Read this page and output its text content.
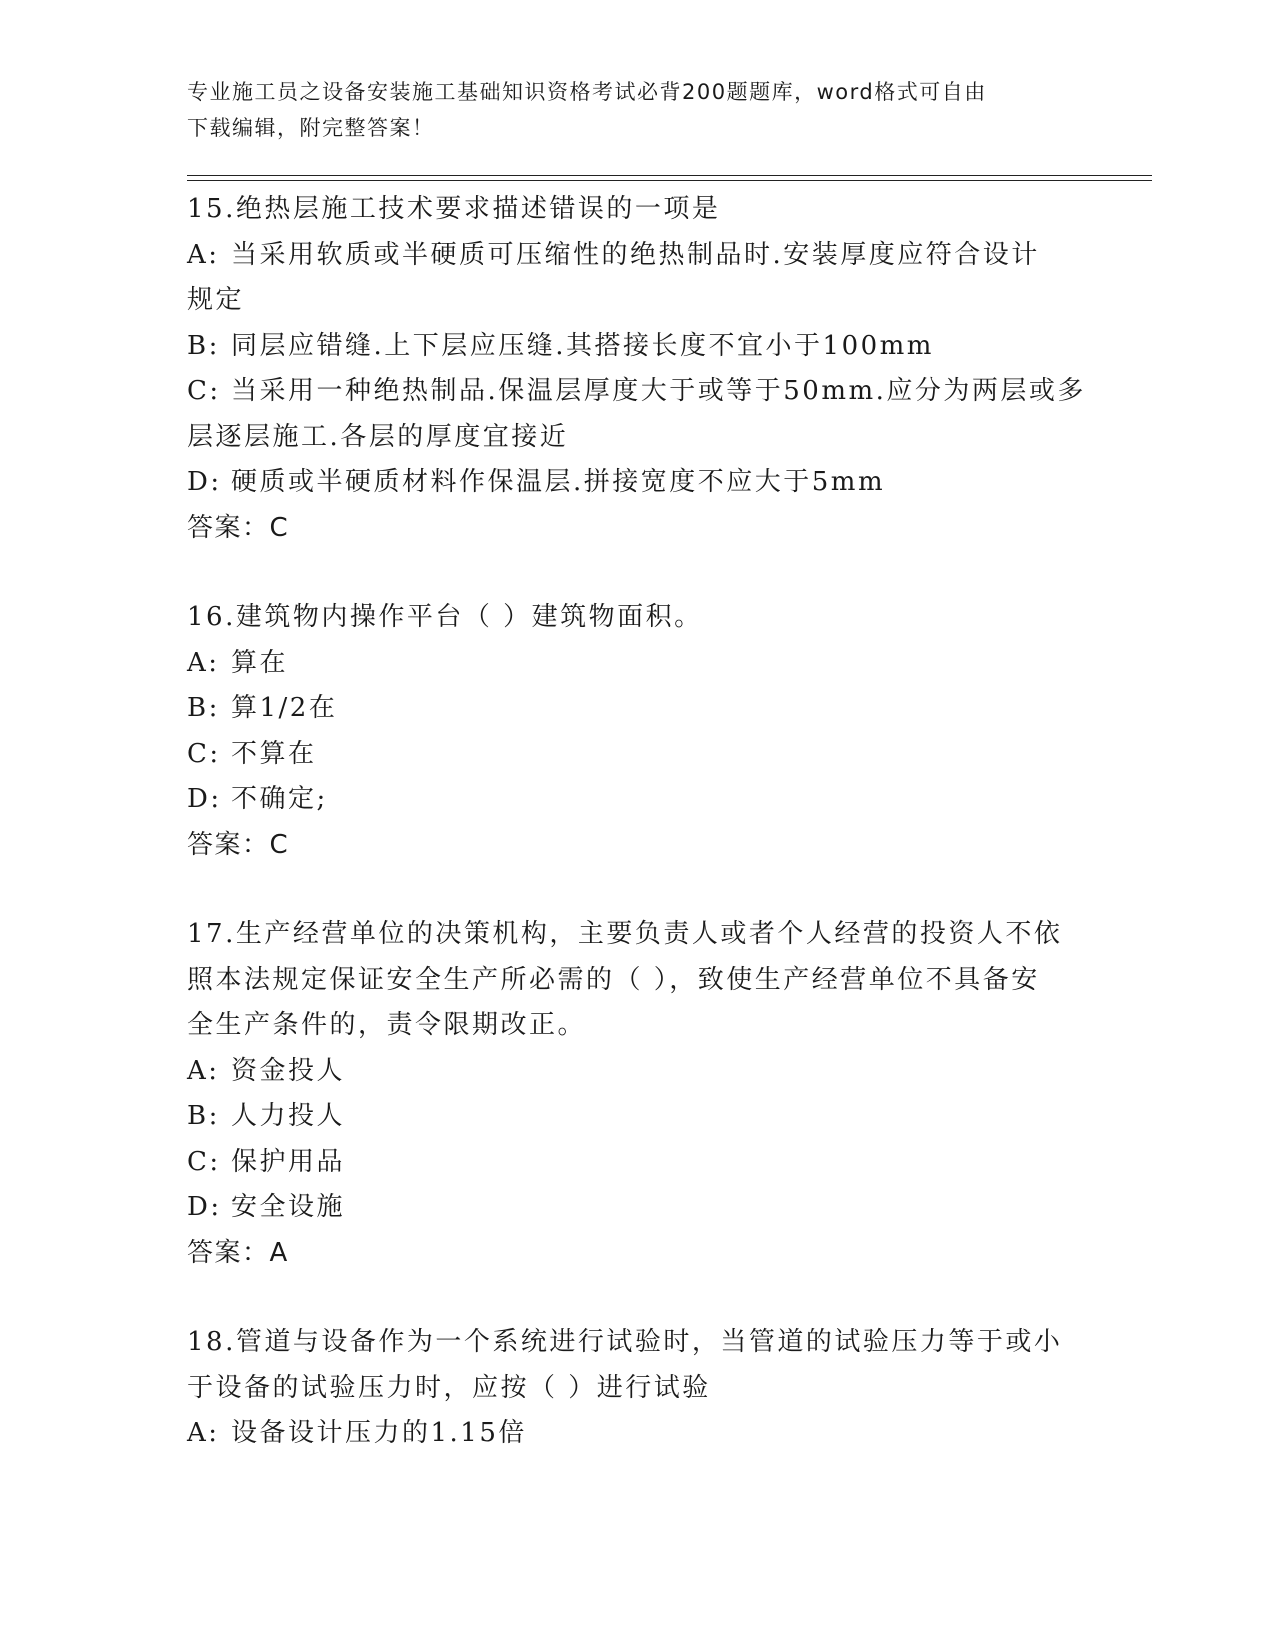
专业施工员之设备安装施工基础知识资格考试必背200题题库，word格式可自由
下载编辑，附完整答案！
15.绝热层施工技术要求描述错误的一项是
A: 当采用软质或半硬质可压缩性的绝热制品时.安装厚度应符合设计
规定
B: 同层应错缝.上下层应压缝.其搭接长度不宜小于100mm
C: 当采用一种绝热制品.保温层厚度大于或等于50mm.应分为两层或多
层逐层施工.各层的厚度宜接近
D: 硬质或半硬质材料作保温层.拼接宽度不应大于5mm
答案：C
16.建筑物内操作平台（ ）建筑物面积。
A: 算在
B: 算1/2在
C: 不算在
D: 不确定;
答案：C
17.生产经营单位的决策机构，主要负责人或者个人经营的投资人不依
照本法规定保证安全生产所必需的（ ），致使生产经营单位不具备安
全生产条件的，责令限期改正。
A: 资金投人
B: 人力投人
C: 保护用品
D: 安全设施
答案：A
18.管道与设备作为一个系统进行试验时，当管道的试验压力等于或小
于设备的试验压力时，应按（ ）进行试验
A: 设备设计压力的1.15倍
